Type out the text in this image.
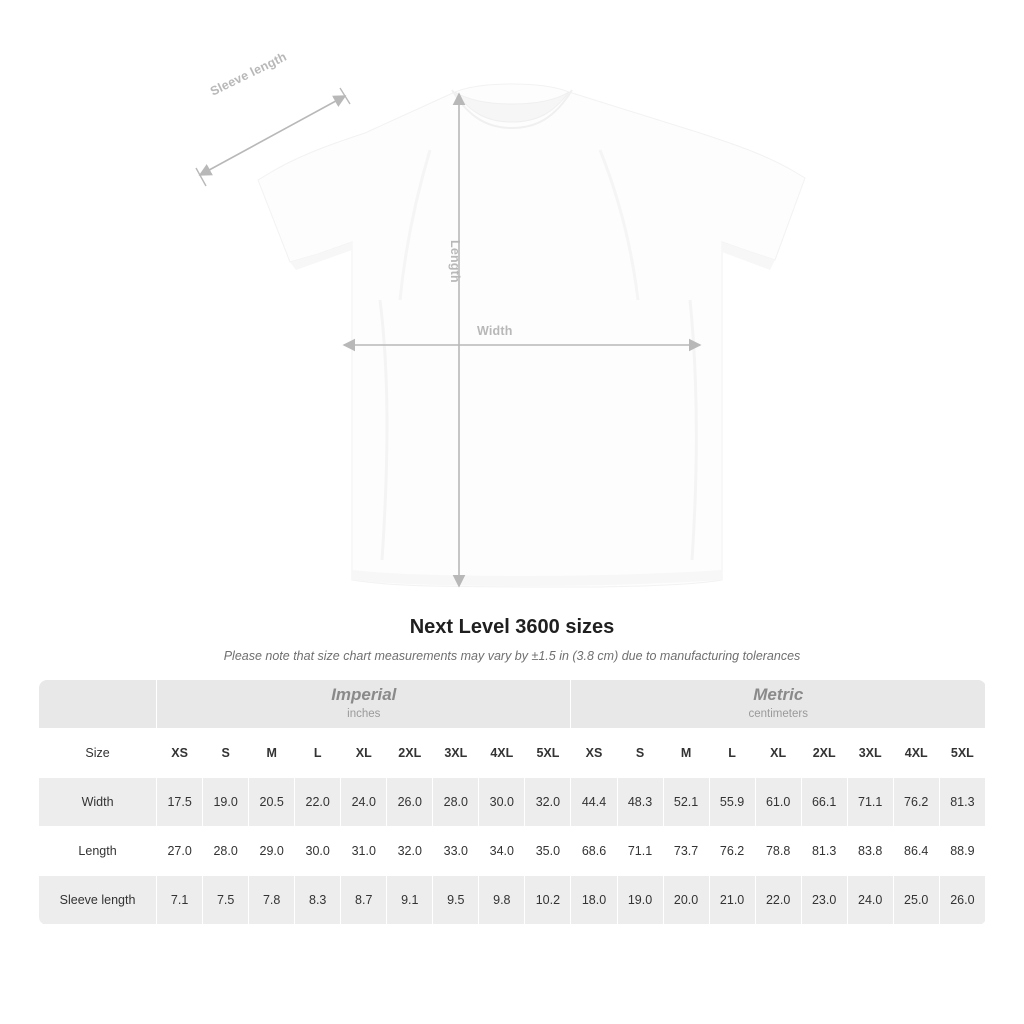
Sleeve length
Length
Width
Next Level 3600 sizes
Please note that size chart measurements may vary by ±1.5 in (3.8 cm) due to manufacturing tolerances

	Imperial
inches									Metric
centimeters								

Size	XS	S	M	L	XL	2XL	3XL	4XL	5XL	XS	S	M	L	XL	2XL	3XL	4XL	5XL
Width	17.5	19.0	20.5	22.0	24.0	26.0	28.0	30.0	32.0	44.4	48.3	52.1	55.9	61.0	66.1	71.1	76.2	81.3
Length	27.0	28.0	29.0	30.0	31.0	32.0	33.0	34.0	35.0	68.6	71.1	73.7	76.2	78.8	81.3	83.8	86.4	88.9
Sleeve length	7.1	7.5	7.8	8.3	8.7	9.1	9.5	9.8	10.2	18.0	19.0	20.0	21.0	22.0	23.0	24.0	25.0	26.0
